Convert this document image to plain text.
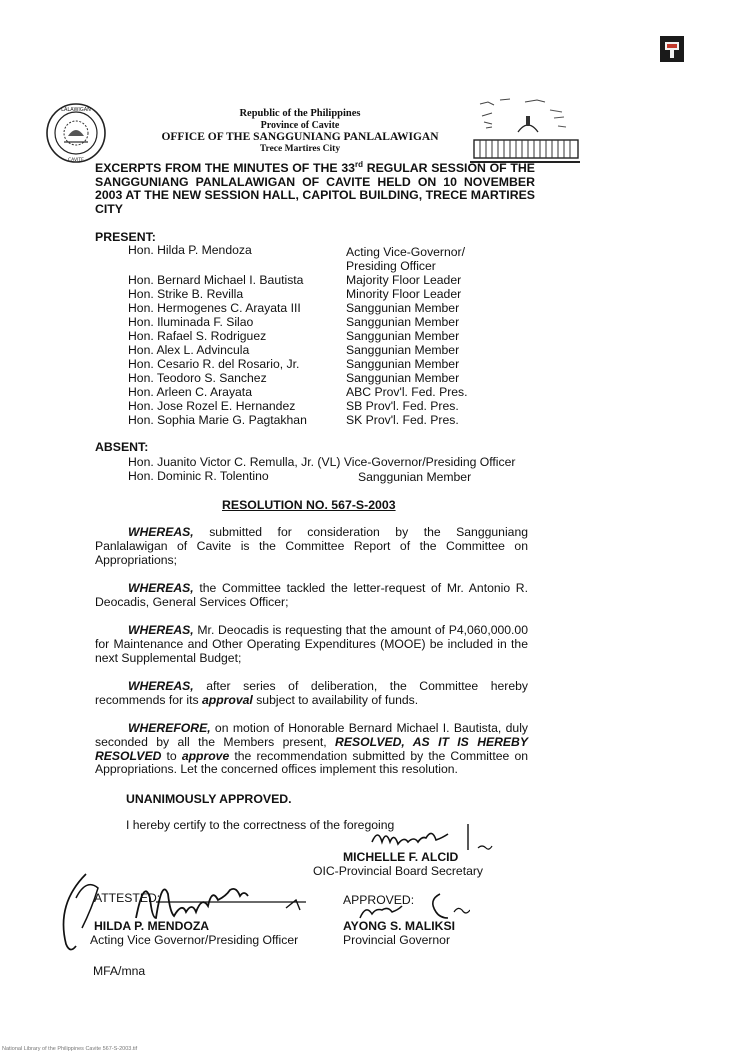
LALAWIGAN
CAVITE
Republic of the Philippines
Province of Cavite
OFFICE OF THE SANGGUNIANG PANLALAWIGAN
Trece Martires City
EXCERPTS FROM THE MINUTES OF THE 33rd REGULAR SESSION OF THE SANGGUNIANG PANLALAWIGAN OF CAVITE HELD ON 10 NOVEMBER 2003 AT THE NEW SESSION HALL, CAPITOL BUILDING, TRECE MARTIRES CITY
PRESENT:
Hon. Hilda P. Mendoza	Acting Vice-Governor/
Presiding Officer
Hon. Bernard Michael I. Bautista	Majority Floor Leader
Hon. Strike B. Revilla	Minority Floor Leader
Hon. Hermogenes C. Arayata III	Sanggunian Member
Hon. Iluminada F. Silao	Sanggunian Member
Hon. Rafael S. Rodriguez	Sanggunian Member
Hon. Alex L. Advincula	Sanggunian Member
Hon. Cesario R. del Rosario, Jr.	Sanggunian Member
Hon. Teodoro S. Sanchez	Sanggunian Member
Hon. Arleen C. Arayata	ABC Prov'l. Fed. Pres.
Hon. Jose Rozel E. Hernandez	SB Prov'l. Fed. Pres.
Hon. Sophia Marie G. Pagtakhan	SK Prov'l. Fed. Pres.
ABSENT:
Hon. Juanito Victor C. Remulla, Jr. (VL) Vice-Governor/Presiding Officer
Hon. Dominic R. Tolentino	Sanggunian Member
RESOLUTION NO. 567-S-2003
WHEREAS, submitted for consideration by the Sangguniang Panlalawigan of Cavite is the Committee Report of the Committee on Appropriations;
WHEREAS, the Committee tackled the letter-request of Mr. Antonio R. Deocadis, General Services Officer;
WHEREAS, Mr. Deocadis is requesting that the amount of P4,060,000.00 for Maintenance and Other Operating Expenditures (MOOE) be included in the next Supplemental Budget;
WHEREAS, after series of deliberation, the Committee hereby recommends for its approval subject to availability of funds.
WHEREFORE, on motion of Honorable Bernard Michael I. Bautista, duly seconded by all the Members present, RESOLVED, AS IT IS HEREBY RESOLVED to approve the recommendation submitted by the Committee on Appropriations. Let the concerned offices implement this resolution.
UNANIMOUSLY APPROVED.
I hereby certify to the correctness of the foregoing
MICHELLE F. ALCID
OIC-Provincial Board Secretary
ATTESTED:	APPROVED:
HILDA P. MENDOZA	AYONG S. MALIKSI
Acting Vice Governor/Presiding Officer	Provincial Governor
MFA/mna
National Library of the Philippines Cavite 567-S-2003.tif
